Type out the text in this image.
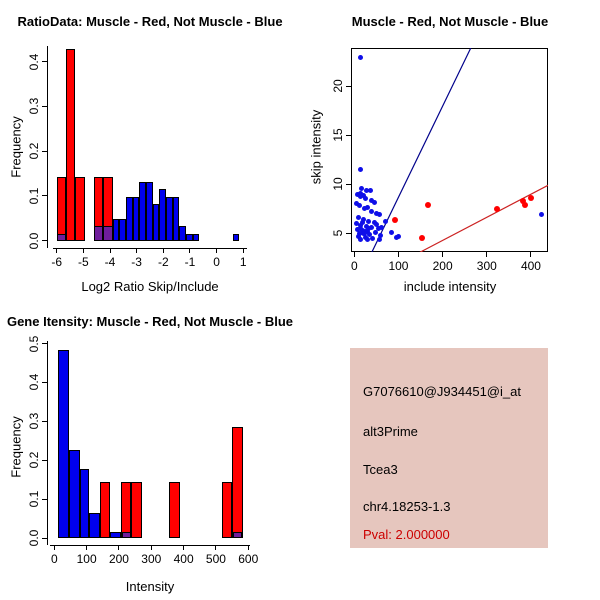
RatioData: Muscle - Red, Not Muscle - Blue
Frequency
Log2 Ratio Skip/Include
-6 -5 -4 -3 -2 -1 0 1
0.0
0.1
0.2
0.3
0.4
Muscle - Red, Not Muscle - Blue
skip intensity
include intensity
0	100 200 300 400
5
10
15
20
Gene Itensity: Muscle - Red, Not Muscle - Blue
Frequency
Intensity
0 100 200 300 400 500 600
0.0
0.1
0.2
0.3
0.4
0.5
G7076610@J934451@i_at
alt3Prime
Tcea3
chr4.18253-1.3
Pval: 2.000000
